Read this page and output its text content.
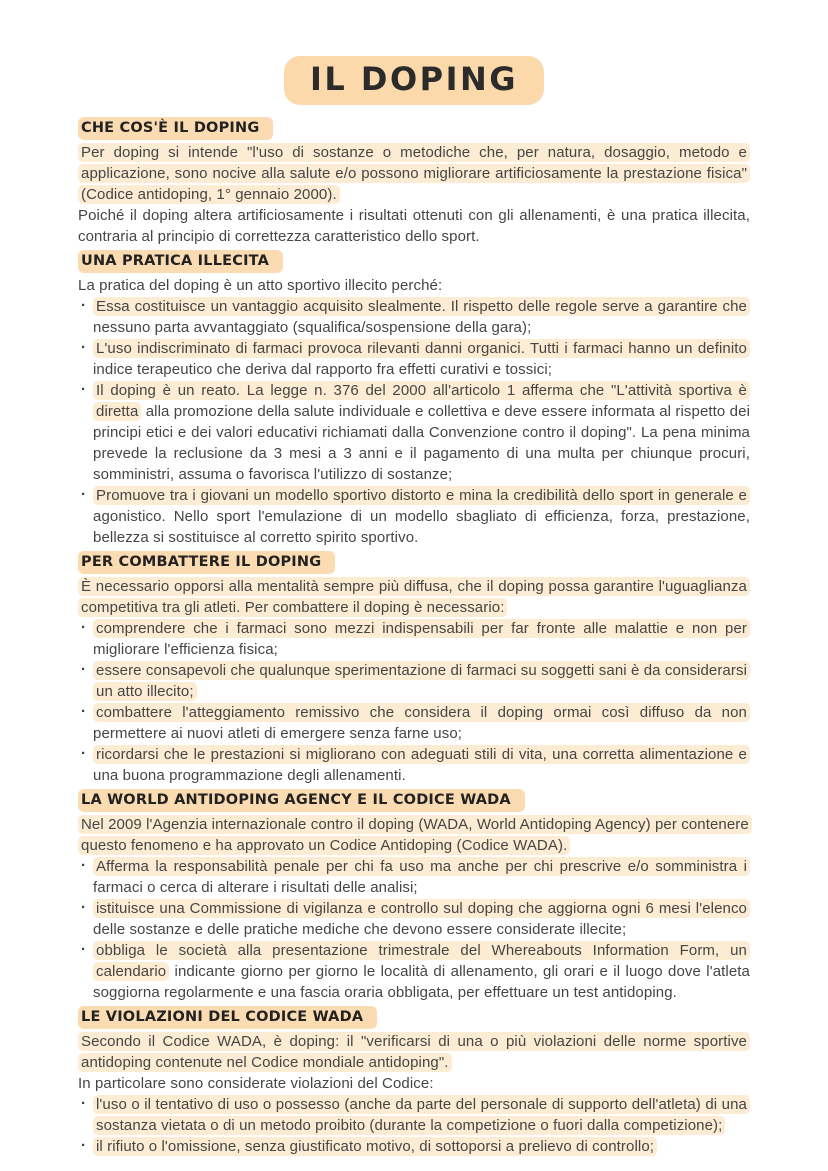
IL DOPING
CHE COS'È IL DOPING

Per doping si intende "l'uso di sostanze o metodiche che, per natura, dosaggio, metodo e applicazione, sono nocive alla salute e/o possono migliorare artificiosamente la prestazione fisica" (Codice antidoping, 1° gennaio 2000).

Poiché il doping altera artificiosamente i risultati ottenuti con gli allenamenti, è una pratica illecita, contraria al principio di correttezza caratteristico dello sport.

UNA PRATICA ILLECITA

La pratica del doping è un atto sportivo illecito perché:

· Essa costituisce un vantaggio acquisito slealmente. Il rispetto delle regole serve a garantire che nessuno parta avvantaggiato (squalifica/sospensione della gara);
· L'uso indiscriminato di farmaci provoca rilevanti danni organici. Tutti i farmaci hanno un definito indice terapeutico che deriva dal rapporto fra effetti curativi e tossici;
· Il doping è un reato. La legge n. 376 del 2000 all'articolo 1 afferma che "L'attività sportiva è diretta alla promozione della salute individuale e collettiva e deve essere informata al rispetto dei principi etici e dei valori educativi richiamati dalla Convenzione contro il doping". La pena minima prevede la reclusione da 3 mesi a 3 anni e il pagamento di una multa per chiunque procuri, somministri, assuma o favorisca l'utilizzo di sostanze;
· Promuove tra i giovani un modello sportivo distorto e mina la credibilità dello sport in generale e agonistico. Nello sport l'emulazione di un modello sbagliato di efficienza, forza, prestazione, bellezza si sostituisce al corretto spirito sportivo.
PER COMBATTERE IL DOPING

È necessario opporsi alla mentalità sempre più diffusa, che il doping possa garantire l'uguaglianza competitiva tra gli atleti. Per combattere il doping è necessario:

· comprendere che i farmaci sono mezzi indispensabili per far fronte alle malattie e non per migliorare l'efficienza fisica;
· essere consapevoli che qualunque sperimentazione di farmaci su soggetti sani è da considerarsi un atto illecito;
· combattere l'atteggiamento remissivo che considera il doping ormai così diffuso da non permettere ai nuovi atleti di emergere senza farne uso;
· ricordarsi che le prestazioni si migliorano con adeguati stili di vita, una corretta alimentazione e una buona programmazione degli allenamenti.
LA WORLD ANTIDOPING AGENCY E IL CODICE WADA

Nel 2009 l'Agenzia internazionale contro il doping (WADA, World Antidoping Agency) per contenere questo fenomeno e ha approvato un Codice Antidoping (Codice WADA).

· Afferma la responsabilità penale per chi fa uso ma anche per chi prescrive e/o somministra i farmaci o cerca di alterare i risultati delle analisi;
· istituisce una Commissione di vigilanza e controllo sul doping che aggiorna ogni 6 mesi l'elenco delle sostanze e delle pratiche mediche che devono essere considerate illecite;
· obbliga le società alla presentazione trimestrale del Whereabouts Information Form, un calendario indicante giorno per giorno le località di allenamento, gli orari e il luogo dove l'atleta soggiorna regolarmente e una fascia oraria obbligata, per effettuare un test antidoping.
LE VIOLAZIONI DEL CODICE WADA

Secondo il Codice WADA, è doping: il "verificarsi di una o più violazioni delle norme sportive antidoping contenute nel Codice mondiale antidoping".

In particolare sono considerate violazioni del Codice:

· l'uso o il tentativo di uso o possesso (anche da parte del personale di supporto dell'atleta) di una sostanza vietata o di un metodo proibito (durante la competizione o fuori dalla competizione);
· il rifiuto o l'omissione, senza giustificato motivo, di sottoporsi a prelievo di controllo;
